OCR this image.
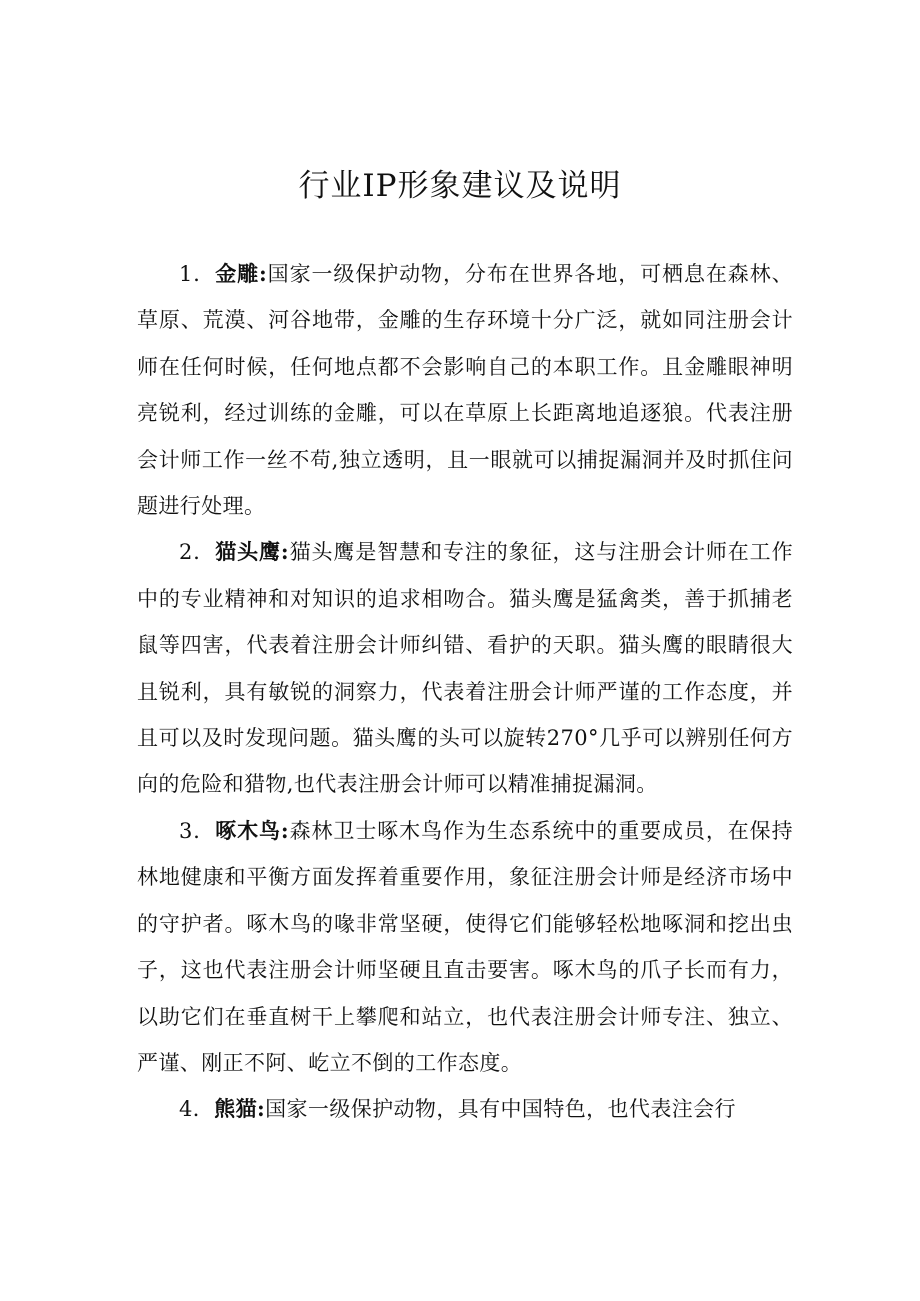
行业IP形象建议及说明

1．金雕:国家一级保护动物，分布在世界各地，可栖息在森林、草原、荒漠、河谷地带，金雕的生存环境十分广泛，就如同注册会计师在任何时候，任何地点都不会影响自己的本职工作。且金雕眼神明亮锐利，经过训练的金雕，可以在草原上长距离地追逐狼。代表注册会计师工作一丝不苟,独立透明，且一眼就可以捕捉漏洞并及时抓住问题进行处理。

2．猫头鹰:猫头鹰是智慧和专注的象征，这与注册会计师在工作中的专业精神和对知识的追求相吻合。猫头鹰是猛禽类，善于抓捕老鼠等四害，代表着注册会计师纠错、看护的天职。猫头鹰的眼睛很大且锐利，具有敏锐的洞察力，代表着注册会计师严谨的工作态度，并且可以及时发现问题。猫头鹰的头可以旋转270°几乎可以辨别任何方向的危险和猎物,也代表注册会计师可以精准捕捉漏洞。

3．啄木鸟:森林卫士啄木鸟作为生态系统中的重要成员，在保持林地健康和平衡方面发挥着重要作用，象征注册会计师是经济市场中的守护者。啄木鸟的喙非常坚硬，使得它们能够轻松地啄洞和挖出虫子，这也代表注册会计师坚硬且直击要害。啄木鸟的爪子长而有力，以助它们在垂直树干上攀爬和站立，也代表注册会计师专注、独立、严谨、刚正不阿、屹立不倒的工作态度。

4．熊猫:国家一级保护动物，具有中国特色，也代表注会行
